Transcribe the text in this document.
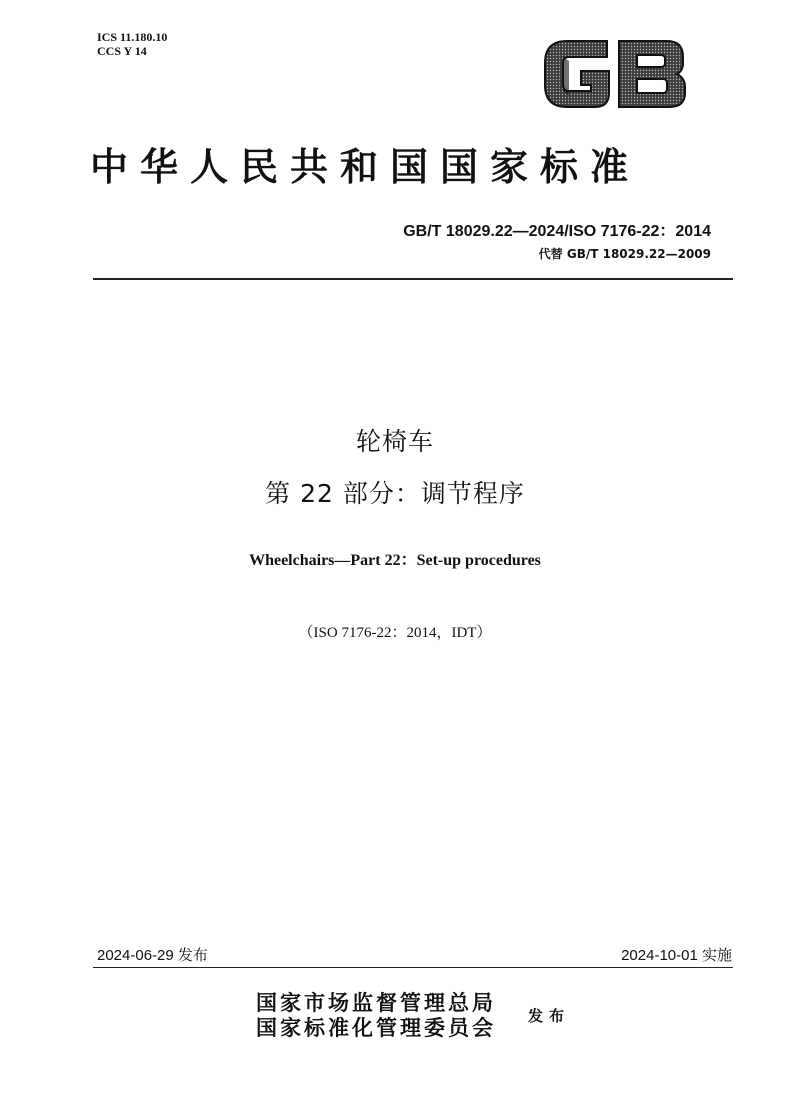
ICS 11.180.10
CCS Y 14
中华人民共和国国家标准
GB/T 18029.22—2024/ISO 7176-22：2014
代替 GB/T 18029.22—2009
轮椅车
第 22 部分：调节程序
Wheelchairs—Part 22：Set-up procedures
（ISO 7176-22：2014，IDT）
2024-06-29 发布	2024-10-01 实施
国家市场监督管理总局
国家标准化管理委员会 发布
